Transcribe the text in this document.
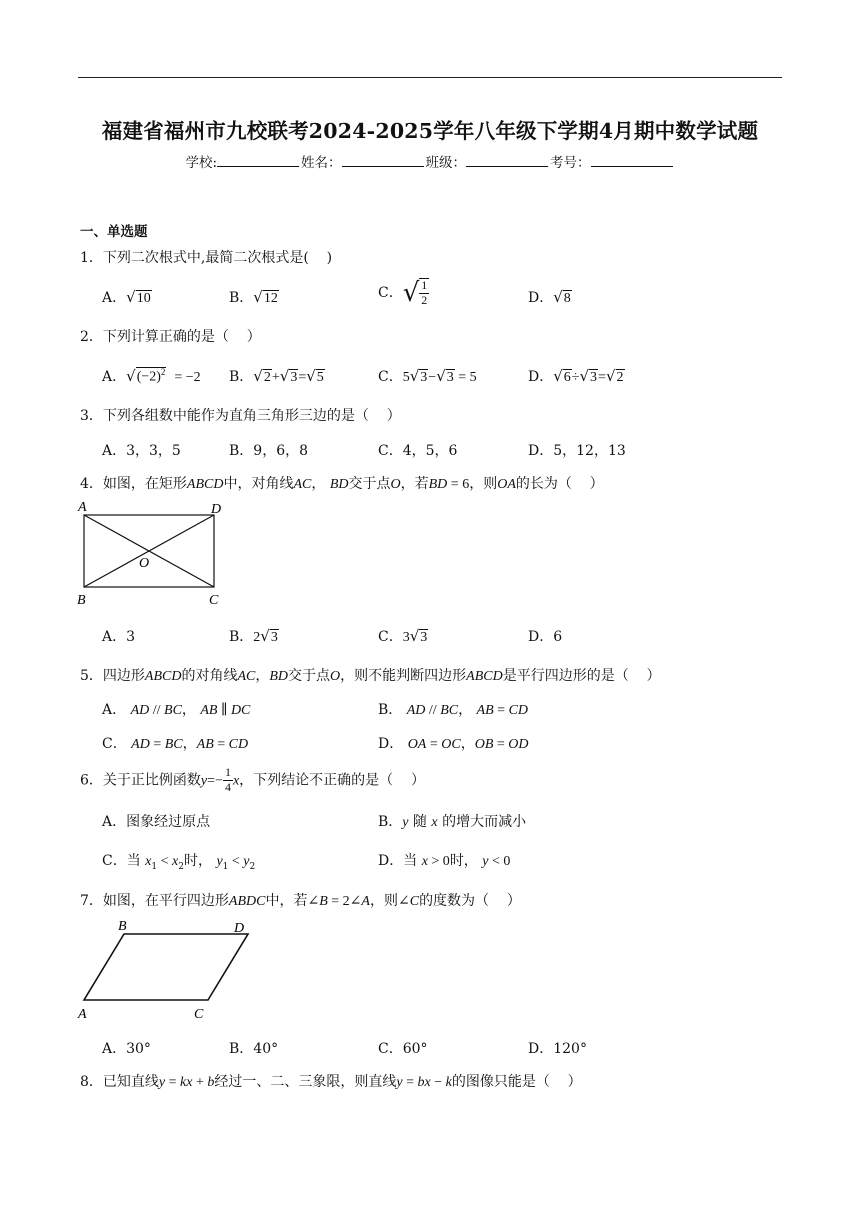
福建省福州市九校联考2024-2025学年八年级下学期4月期中数学试题
学校:	姓名：	班级：	考号：
一、单选题
1．下列二次根式中,最简二次根式是(    )
A．√10	B．√12	C．√ $\frac{1}{2}$	D．√8
2．下列计算正确的是（    ）
A．$√(-2)^2 = -2$ B．√2+√3=√5	C．5√3−√3 = 5	D．√6÷√3=√2
3．下列各组数中能作为直角三角形三边的是（    ）
A．3，3，5	B．9，6，8	C．4，5，6	D．5，12，13
4．如图，在矩形ABCD中，对角线AC， BD交于点O，若BD = 6，则OA的长为（    ）
A	D
O
B	C
A．3	B．2√3	C．3√3	D．6
5．四边形ABCD的对角线AC，BD交于点O，则不能判断四边形ABCD是平行四边形的是（    ）
A． AD // BC， AB ∥ DC	B． AD // BC， AB = CD
C． AD = BC，AB = CD	D． OA = OC，OB = OD
6．关于正比例函数$y=- \frac{1}{4}$ x，下列结论不正确的是（    ）
A．图象经过原点	B．y 随 x 的增大而减小
C．当 $x_1 < x_2$时， $y_1 < y_2$	D．当 x > 0时， y < 0
7．如图，在平行四边形ABDC中，若∠B = 2∠A，则∠C的度数为（    ）
B	D
A	C
A．30°	B．40°	C．60°	D．120°
8．已知直线y = kx + b经过一、二、三象限，则直线y = bx − k的图像只能是（    ）
